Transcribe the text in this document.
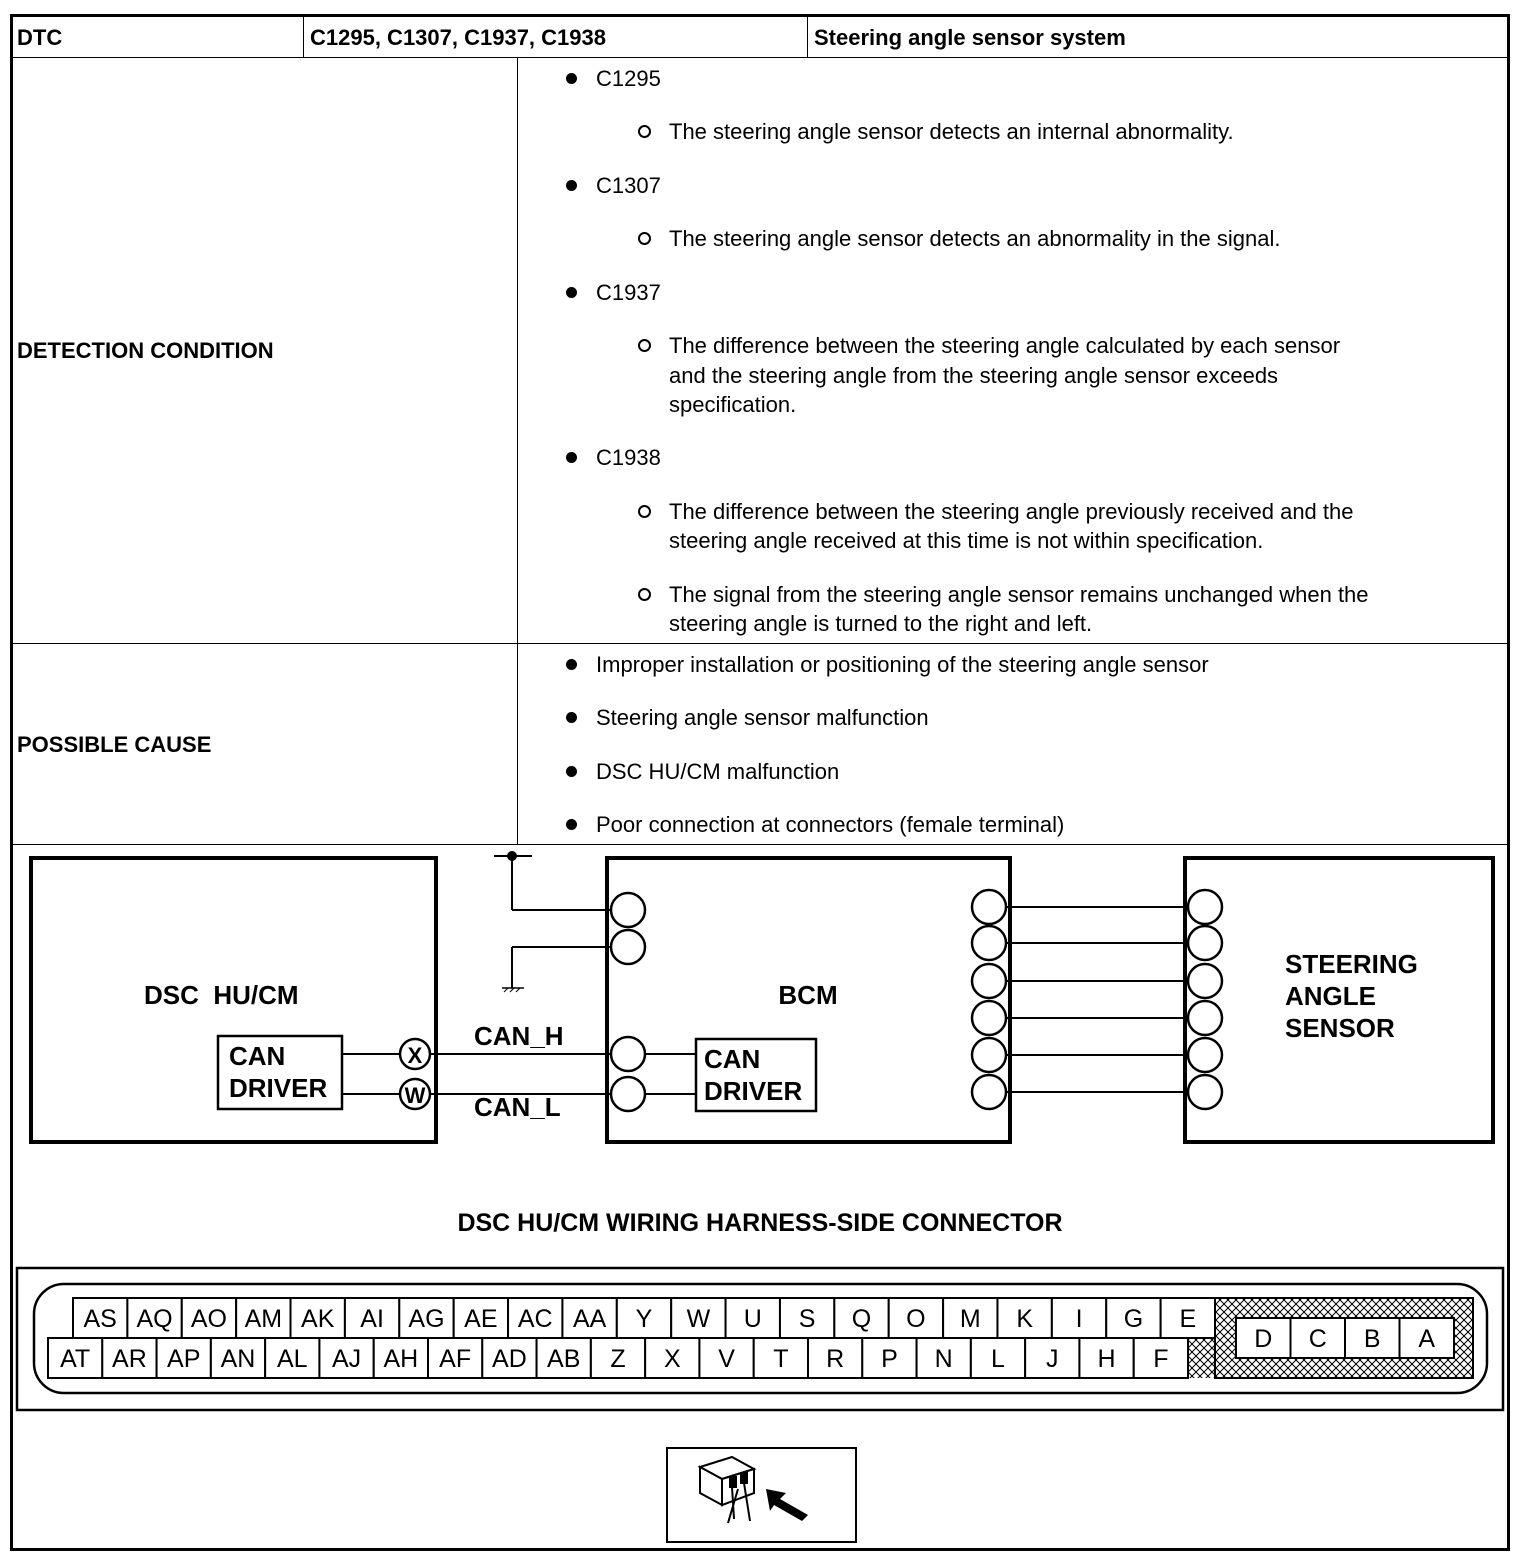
DTC	C1295, C1307, C1937, C1938	Steering angle sensor system
DETECTION CONDITION
C1295
The steering angle sensor detects an internal abnormality.
C1307
The steering angle sensor detects an abnormality in the signal.
C1937
The difference between the steering angle calculated by each sensor
and the steering angle from the steering angle sensor exceeds
specification.
C1938
The difference between the steering angle previously received and the
steering angle received at this time is not within specification.
The signal from the steering angle sensor remains unchanged when the
steering angle is turned to the right and left.
POSSIBLE CAUSE
Improper installation or positioning of the steering angle sensor
Steering angle sensor malfunction
DSC HU/CM malfunction
Poor connection at connectors (female terminal)
DSC  HU/CM
CAN
DRIVER
X
W
CAN_H
CAN_L
BCM
CAN
DRIVER
STEERING
ANGLE
SENSOR
DSC HU/CM WIRING HARNESS-SIDE CONNECTOR
AS AQ AO AM AK AI AG AE AC AA Y W U S Q O M K I G E
AT AR AP AN AL AJ AH AF AD AB Z X V T R P N L J H F
D C B A
